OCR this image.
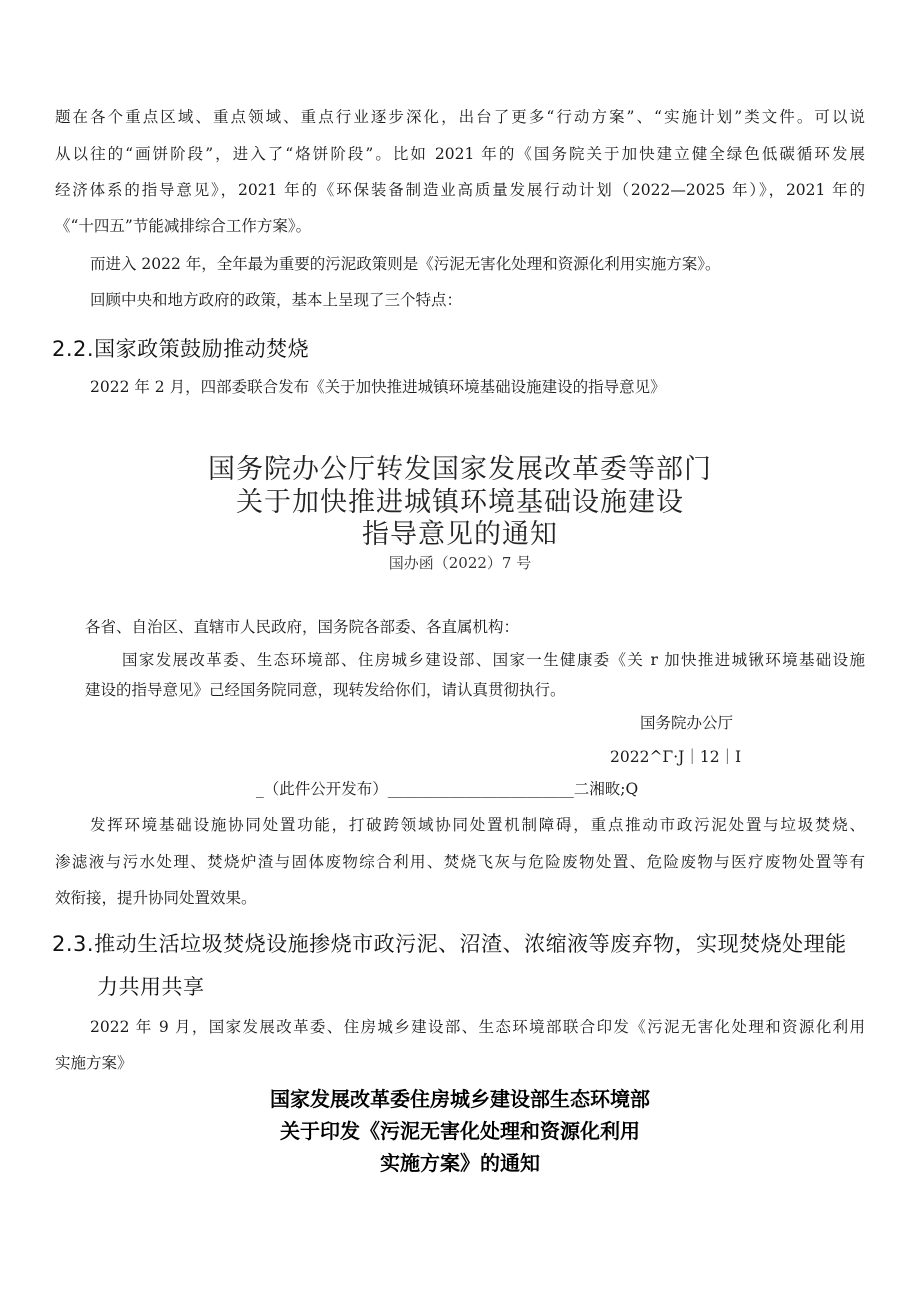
题在各个重点区域、重点领域、重点行业逐步深化，出台了更多“行动方案”、“实施计划”类文件。可以说
从以往的“画饼阶段”，进入了“烙饼阶段”。比如 2021 年的《国务院关于加快建立健全绿色低碳循环发展
经济体系的指导意见》，2021 年的《环保装备制造业高质量发展行动计划（2022—2025 年）》，2021 年的
《“十四五”节能减排综合工作方案》。
而进入 2022 年，全年最为重要的污泥政策则是《污泥无害化处理和资源化利用实施方案》。
回顾中央和地方政府的政策，基本上呈现了三个特点：
2.2.国家政策鼓励推动焚烧
2022 年 2 月，四部委联合发布《关于加快推进城镇环境基础设施建设的指导意见》
国务院办公厅转发国家发展改革委等部门
关于加快推进城镇环境基础设施建设
指导意见的通知
国办函（2022）7 号
各省、自治区、直辖市人民政府，国务院各部委、各直属机构：
国家发展改革委、生态环境部、住房城乡建设部、国家一生健康委《关 r 加快推进城锹环境基础设施
建设的指导意见》己经国务院同意，现转发给你们，请认真贯彻执行。
国务院办公厅
2022^Γ·J｜12｜I
_（此件公开发布）________________________二湘畋;Q
发挥环境基础设施协同处置功能，打破跨领域协同处置机制障碍，重点推动市政污泥处置与垃圾焚烧、
渗滤液与污水处理、焚烧炉渣与固体废物综合利用、焚烧飞灰与危险废物处置、危险废物与医疗废物处置等有
效衔接，提升协同处置效果。
2.3.推动生活垃圾焚烧设施掺烧市政污泥、沼渣、浓缩液等废弃物，实现焚烧处理能
力共用共享
2022 年 9 月，国家发展改革委、住房城乡建设部、生态环境部联合印发《污泥无害化处理和资源化利用
实施方案》
国家发展改革委住房城乡建设部生态环境部
关于印发《污泥无害化处理和资源化利用
实施方案》的通知
